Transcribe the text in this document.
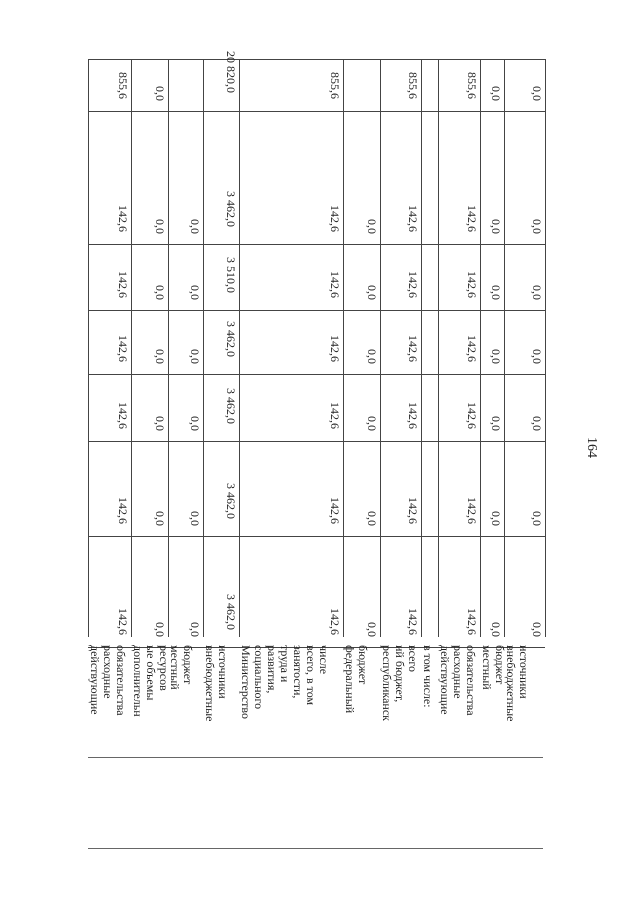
855,6
142,6
142,6
142,6
142,6
142,6
142,6
действующие расходные обязательства
0,0
0,0
0,0
0,0
0,0
0,0
0,0
дополнительн ые объемы ресурсов
0,0
0,0
0,0
0,0
0,0
0,0
местный бюджет
20 820,0
3 462,0
3 510,0
3 462,0
3 462,0
3 462,0
3 462,0
внебюджетные источники
855,6
142,6
142,6
142,6
142,6
142,6
142,6
Министерство социального развития, труда и занятости, всего, в том числе
0,0
0,0
0,0
0,0
0,0
0,0
федеральный бюджет
855,6
142,6
142,6
142,6
142,6
142,6
142,6
республиканск ий бюджет, всего в том числе:
855,6
142,6
142,6
142,6
142,6
142,6
142,6
действующие расходные обязательства
0,0
0,0
0,0
0,0
0,0
0,0
0,0
местный бюджет
0,0
0,0
0,0
0,0
0,0
0,0
0,0
внебюджетные источники
164
